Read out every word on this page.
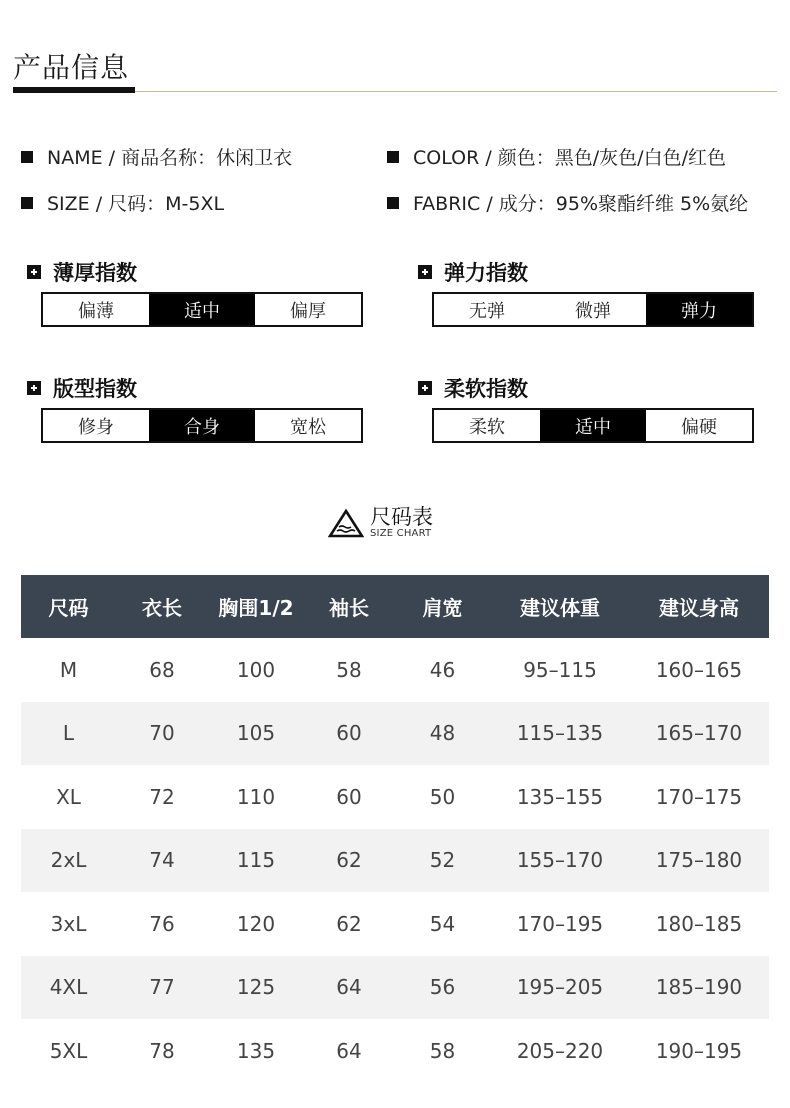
产品信息
NAME / 商品名称：休闲卫衣	COLOR / 颜色：黑色/灰色/白色/红色
SIZE / 尺码：M-5XL	FABRIC / 成分：95%聚酯纤维 5%氨纶
薄厚指数
偏薄	适中	偏厚
弹力指数
无弹	微弹	弹力
版型指数
修身	合身	宽松
柔软指数
柔软	适中	偏硬
尺码表
SIZE CHART
尺码	衣长	胸围1/2	袖长	肩宽	建议体重	建议身高
M	68	100	58	46	95–115	160–165
L	70	105	60	48	115–135	165–170
XL	72	110	60	50	135–155	170–175
2xL	74	115	62	52	155–170	175–180
3xL	76	120	62	54	170–195	180–185
4XL	77	125	64	56	195–205	185–190
5XL	78	135	64	58	205–220	190–195
